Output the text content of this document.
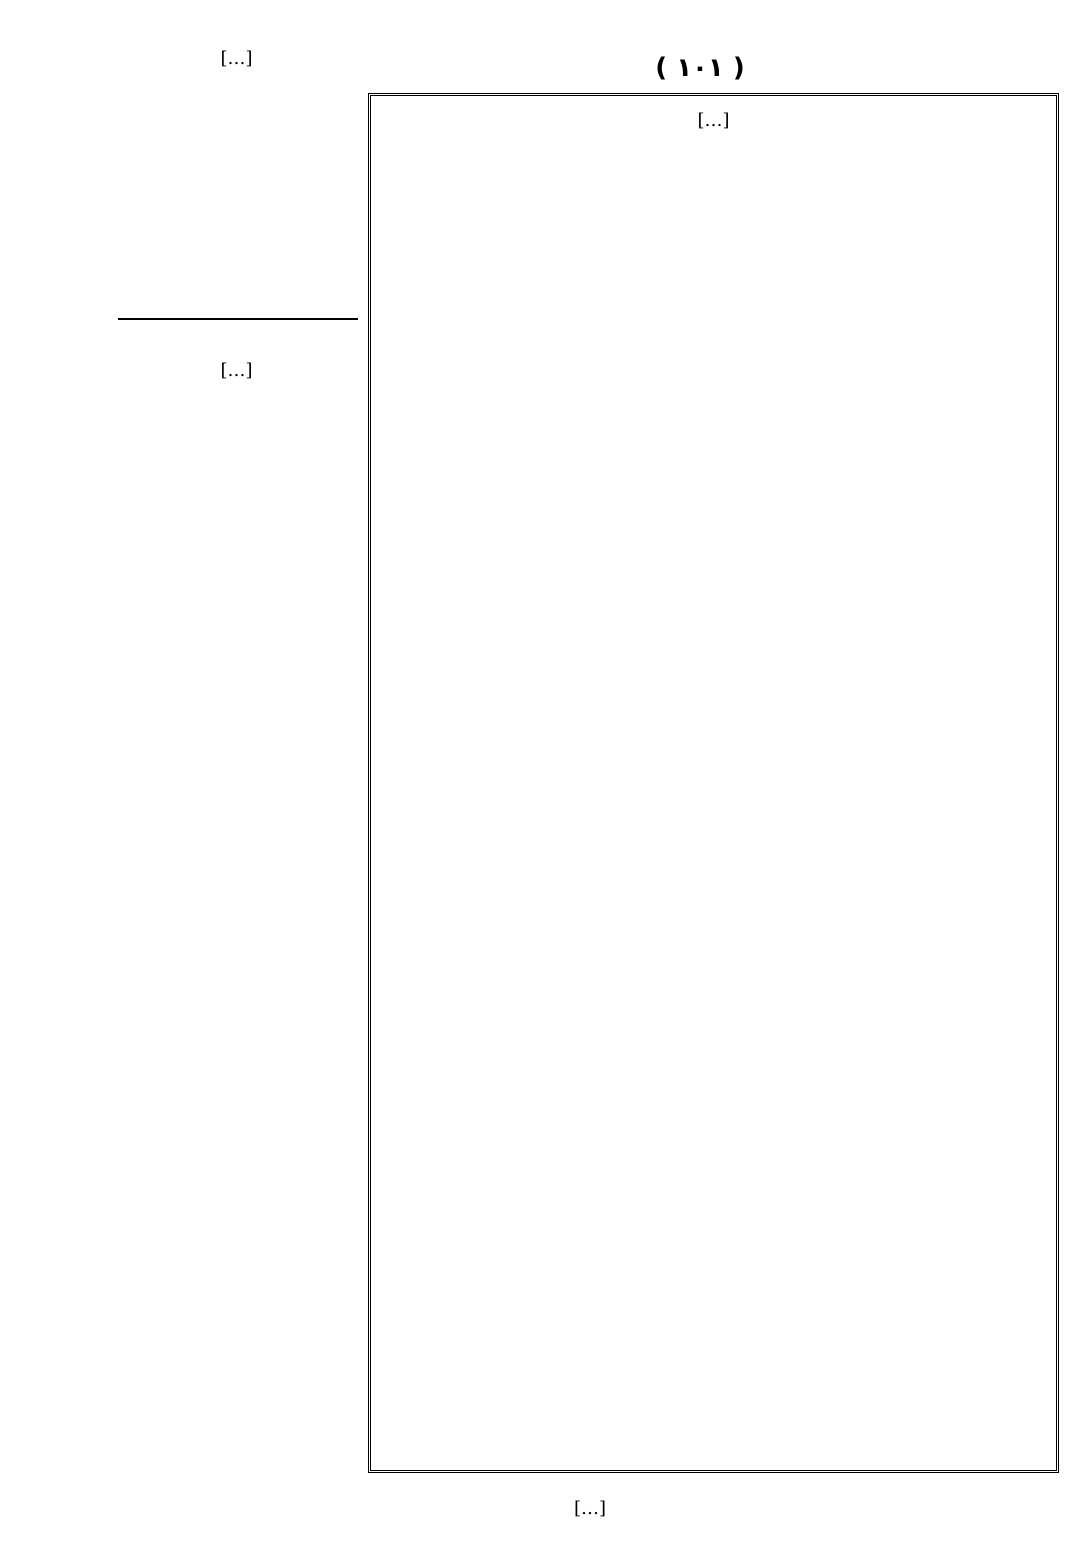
( ١٠١ )
[…]
[…]
[…]
[…]
